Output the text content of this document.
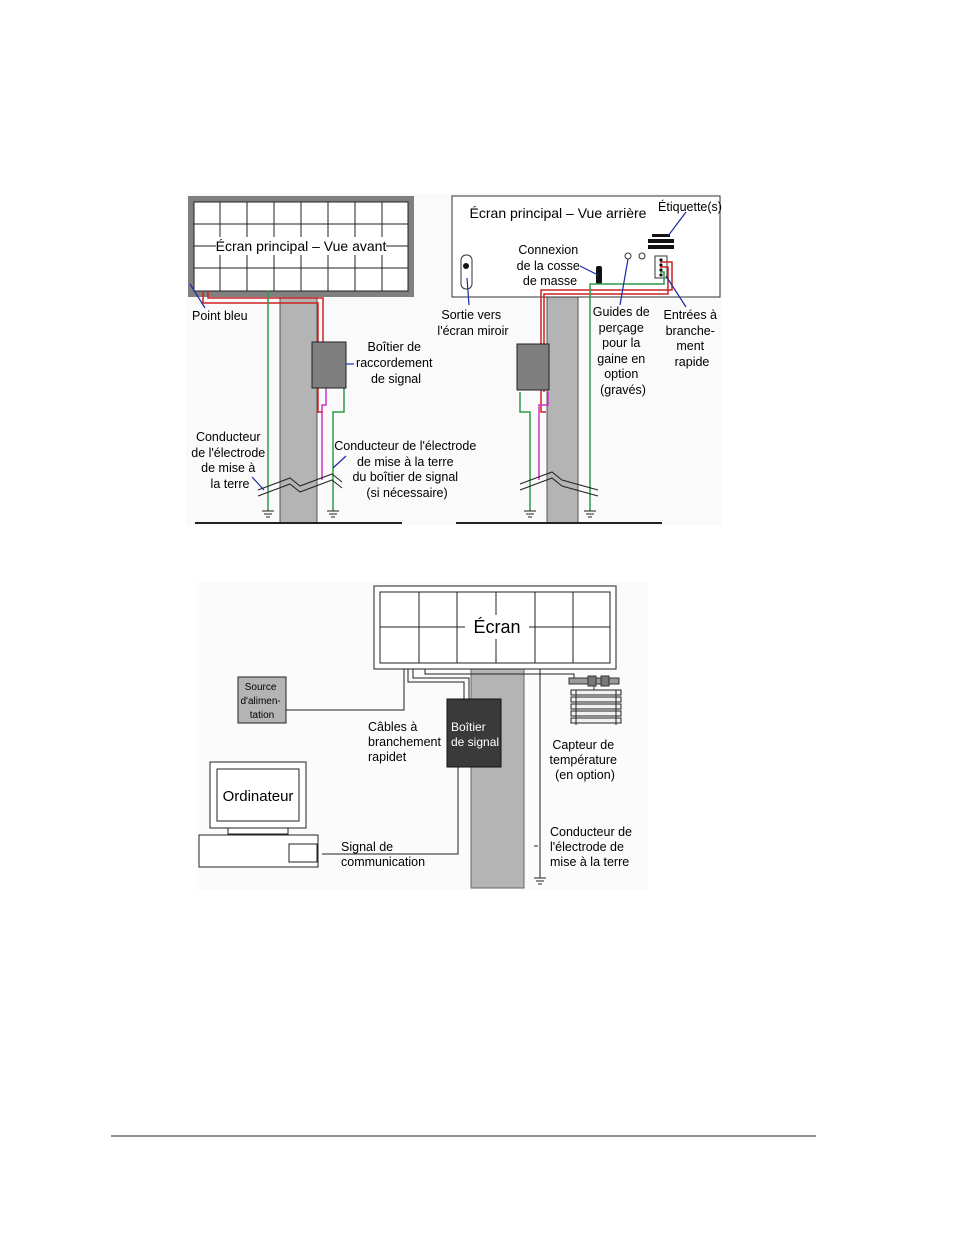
Écran principal – Vue avant
Point bleu
Boîtier de raccordement de signal
Conducteur de l'électrode de mise à la terre
Conducteur de l'électrode de mise à la terre du boîtier de signal (si nécessaire)
Écran principal – Vue arrière Étiquette(s)
Connexion de la cosse de masse
Sortie vers l'écran miroir
Guides de perçage pour la gaine en option (gravés)
Entrées à branche- ment rapide
Écran
Source d'alimen- tation
Boîtier
de signal
Ordinateur
Câbles à branchement rapidet
Capteur de température (en option)
Signal de communication
Conducteur de l'électrode de mise à la terre
